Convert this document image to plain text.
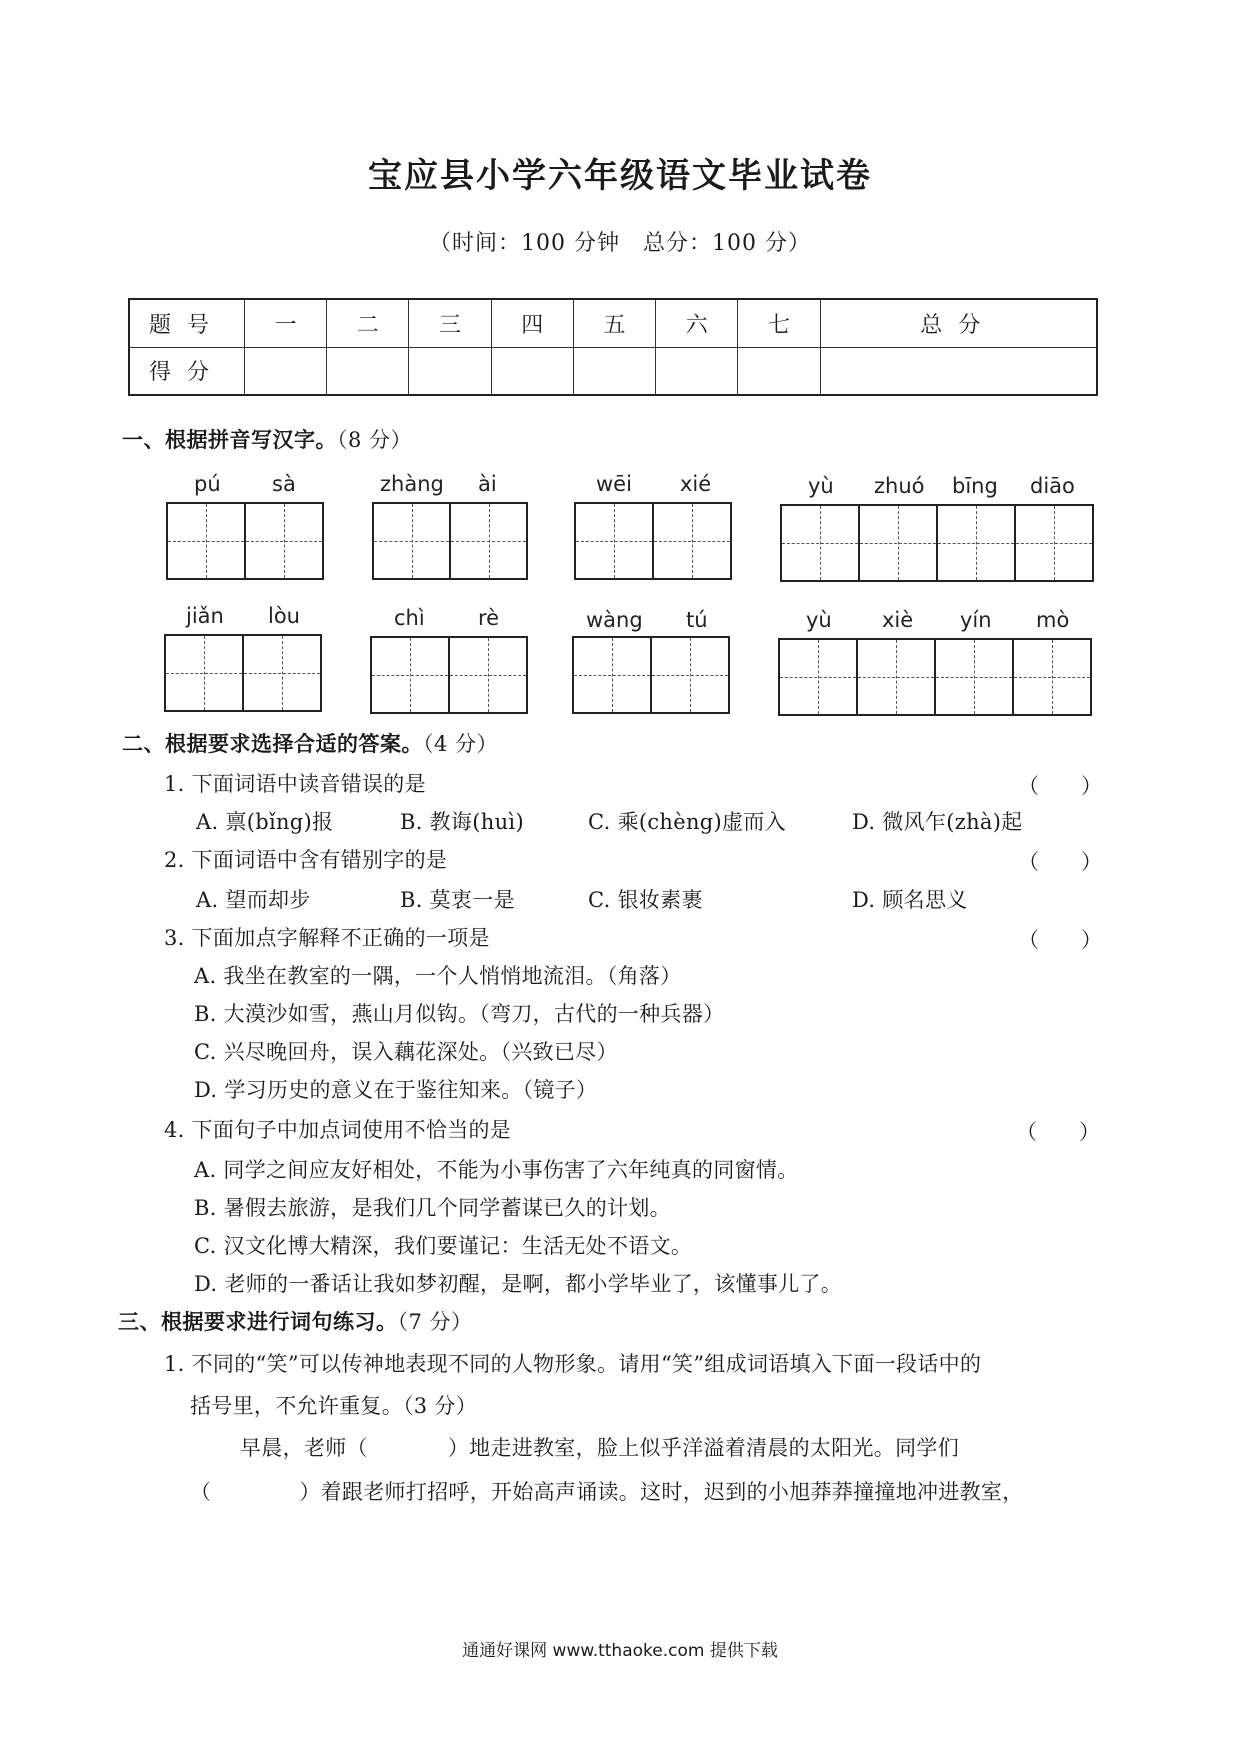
宝应县小学六年级语文毕业试卷
（时间：100 分钟　总分：100 分）
题号	一	二	三	四	五	六	七	总分
得分								
一、根据拼音写汉字。（8 分）
pú sà	zhàng ài	wēi xié	yù zhuó bīng diāo
jiǎn lòu	chì	rè	wàng tú	yù xiè yín mò
二、根据要求选择合适的答案。（4 分）
1. 下面词语中读音错误的是	（　　）
A. 禀(bǐng)报	B. 教诲(huì)	C. 乘(chèng)虚而入	D. 微风乍(zhà)起
2. 下面词语中含有错别字的是	（　　）
A. 望而却步	B. 莫衷一是	C. 银妆素裹	D. 顾名思义
3. 下面加点字解释不正确的一项是	（　　）
A. 我坐在教室的一隅，一个人悄悄地流泪。（角落）
B. 大漠沙如雪，燕山月似钩。（弯刀，古代的一种兵器）
C. 兴尽晚回舟，误入藕花深处。（兴致已尽）
D. 学习历史的意义在于鉴往知来。（镜子）
4. 下面句子中加点词使用不恰当的是	（　　）
A. 同学之间应友好相处，不能为小事伤害了六年纯真的同窗情。
B. 暑假去旅游，是我们几个同学蓄谋已久的计划。
C. 汉文化博大精深，我们要谨记：生活无处不语文。
D. 老师的一番话让我如梦初醒，是啊，都小学毕业了，该懂事儿了。
三、根据要求进行词句练习。（7 分）
1. 不同的“笑”可以传神地表现不同的人物形象。请用“笑”组成词语填入下面一段话中的
括号里，不允许重复。（3 分）
早晨，老师（	）地走进教室，脸上似乎洋溢着清晨的太阳光。同学们
（	）着跟老师打招呼，开始高声诵读。这时，迟到的小旭莽莽撞撞地冲进教室，
通通好课网 www.tthaoke.com 提供下载
